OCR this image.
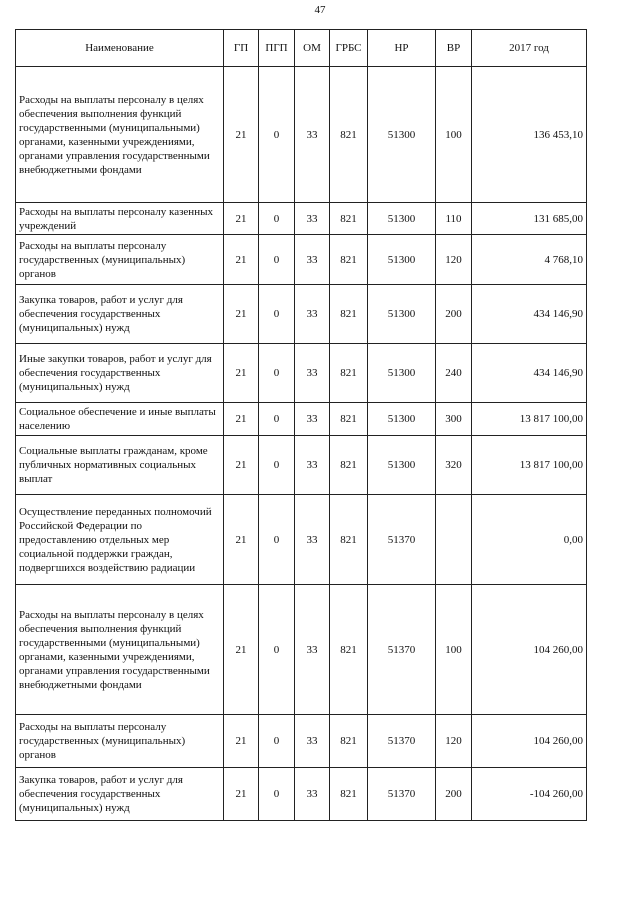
47
Наименование	ГП	ПГП	ОМ	ГРБС	НР	ВР	2017 год
Расходы на выплаты персоналу в целях обеспечения выполнения функций государственными (муниципальными) органами, казенными учреждениями, органами управления государственными внебюджетными фондами	21	0	33	821	51300	100	136 453,10
Расходы на выплаты персоналу казенных учреждений	21	0	33	821	51300	110	131 685,00
Расходы на выплаты персоналу государственных (муниципальных) органов	21	0	33	821	51300	120	4 768,10
Закупка товаров, работ и услуг для обеспечения государственных (муниципальных) нужд	21	0	33	821	51300	200	434 146,90
Иные закупки товаров, работ и услуг для обеспечения государственных (муниципальных) нужд	21	0	33	821	51300	240	434 146,90
Социальное обеспечение и иные выплаты населению	21	0	33	821	51300	300	13 817 100,00
Социальные выплаты гражданам, кроме публичных нормативных социальных выплат	21	0	33	821	51300	320	13 817 100,00
Осуществление переданных полномочий Российской Федерации по предоставлению отдельных мер социальной поддержки граждан, подвергшихся воздействию радиации	21	0	33	821	51370		0,00
Расходы на выплаты персоналу в целях обеспечения выполнения функций государственными (муниципальными) органами, казенными учреждениями, органами управления государственными внебюджетными фондами	21	0	33	821	51370	100	104 260,00
Расходы на выплаты персоналу государственных (муниципальных) органов	21	0	33	821	51370	120	104 260,00
Закупка товаров, работ и услуг для обеспечения государственных (муниципальных) нужд	21	0	33	821	51370	200	-104 260,00
